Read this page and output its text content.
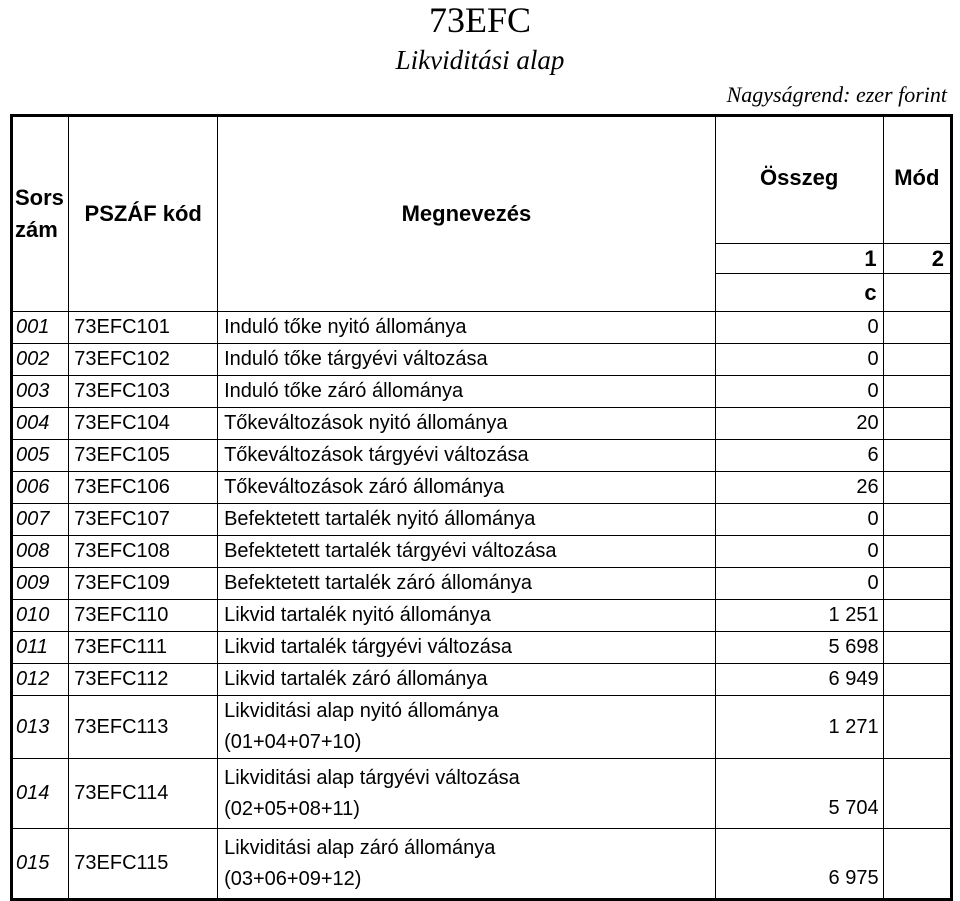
73EFC
Likviditási alap
Nagyságrend: ezer forint
Sors
zám	PSZÁF kód	Megnevezés	Összeg	Mód
			1	2
			c	
001	73EFC101	Induló tőke nyitó állománya	0	
002	73EFC102	Induló tőke tárgyévi változása	0	
003	73EFC103	Induló tőke záró állománya	0	
004	73EFC104	Tőkeváltozások nyitó állománya	20	
005	73EFC105	Tőkeváltozások tárgyévi változása	6	
006	73EFC106	Tőkeváltozások záró állománya	26	
007	73EFC107	Befektetett tartalék nyitó állománya	0	
008	73EFC108	Befektetett tartalék tárgyévi változása	0	
009	73EFC109	Befektetett tartalék záró állománya	0	
010	73EFC110	Likvid tartalék nyitó állománya	1 251	
011	73EFC111	Likvid tartalék tárgyévi változása	5 698	
012	73EFC112	Likvid tartalék záró állománya	6 949	
013	73EFC113	Likviditási alap nyitó állománya
(01+04+07+10)	1 271	
014	73EFC114	Likviditási alap tárgyévi változása
(02+05+08+11)	5 704	
015	73EFC115	Likviditási alap záró állománya
(03+06+09+12)	6 975	
